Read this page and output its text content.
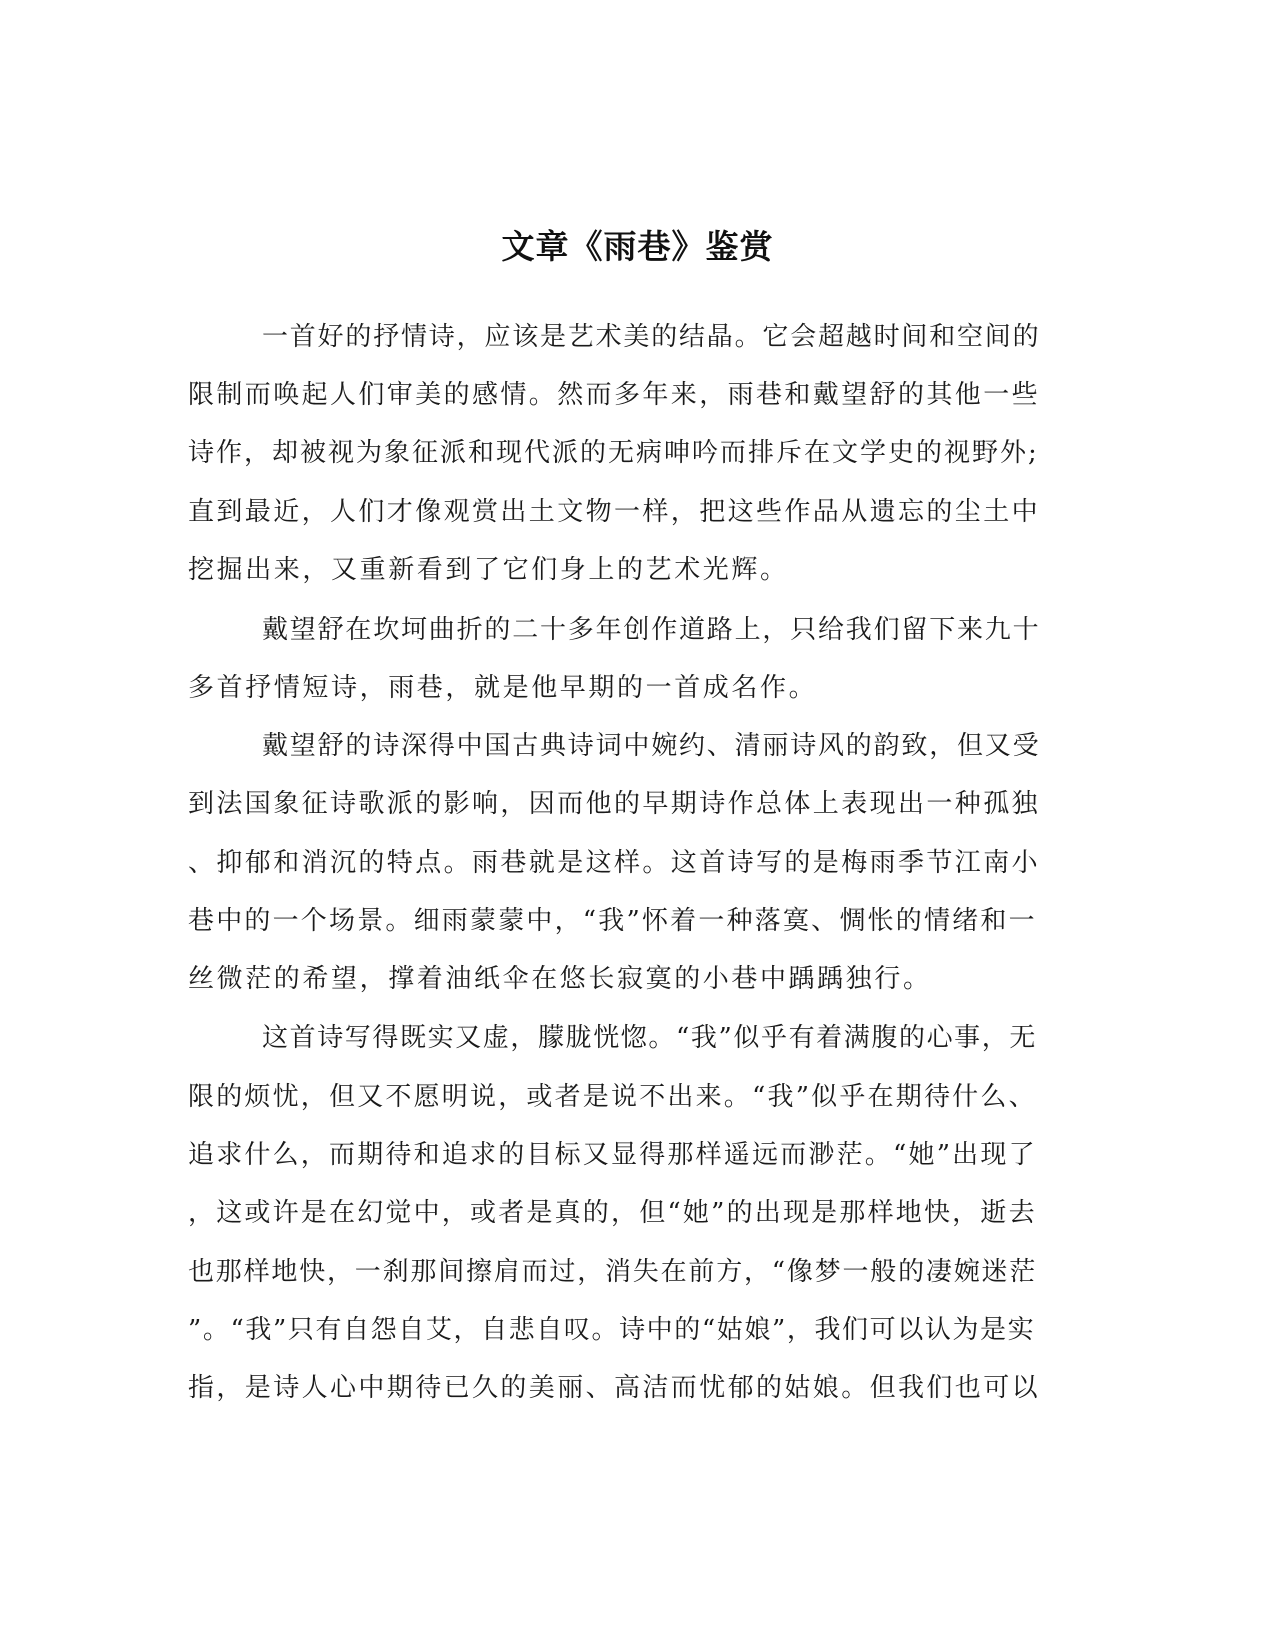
文章《雨巷》鉴赏
一首好的抒情诗，应该是艺术美的结晶。它会超越时间和空间的
限制而唤起人们审美的感情。然而多年来，雨巷和戴望舒的其他一些
诗作，却被视为象征派和现代派的无病呻吟而排斥在文学史的视野外;
直到最近，人们才像观赏出土文物一样，把这些作品从遗忘的尘土中
挖掘出来，又重新看到了它们身上的艺术光辉。
戴望舒在坎坷曲折的二十多年创作道路上，只给我们留下来九十
多首抒情短诗，雨巷，就是他早期的一首成名作。
戴望舒的诗深得中国古典诗词中婉约、清丽诗风的韵致，但又受
到法国象征诗歌派的影响，因而他的早期诗作总体上表现出一种孤独
、抑郁和消沉的特点。雨巷就是这样。这首诗写的是梅雨季节江南小
巷中的一个场景。细雨蒙蒙中，“我”怀着一种落寞、惆怅的情绪和一
丝微茫的希望，撑着油纸伞在悠长寂寞的小巷中踽踽独行。
这首诗写得既实又虚，朦胧恍惚。“我”似乎有着满腹的心事，无
限的烦忧，但又不愿明说，或者是说不出来。“我”似乎在期待什么、
追求什么，而期待和追求的目标又显得那样遥远而渺茫。“她”出现了
，这或许是在幻觉中，或者是真的，但“她”的出现是那样地快，逝去
也那样地快，一刹那间擦肩而过，消失在前方，“像梦一般的凄婉迷茫
”。“我”只有自怨自艾，自悲自叹。诗中的“姑娘”，我们可以认为是实
指，是诗人心中期待已久的美丽、高洁而忧郁的姑娘。但我们也可以
